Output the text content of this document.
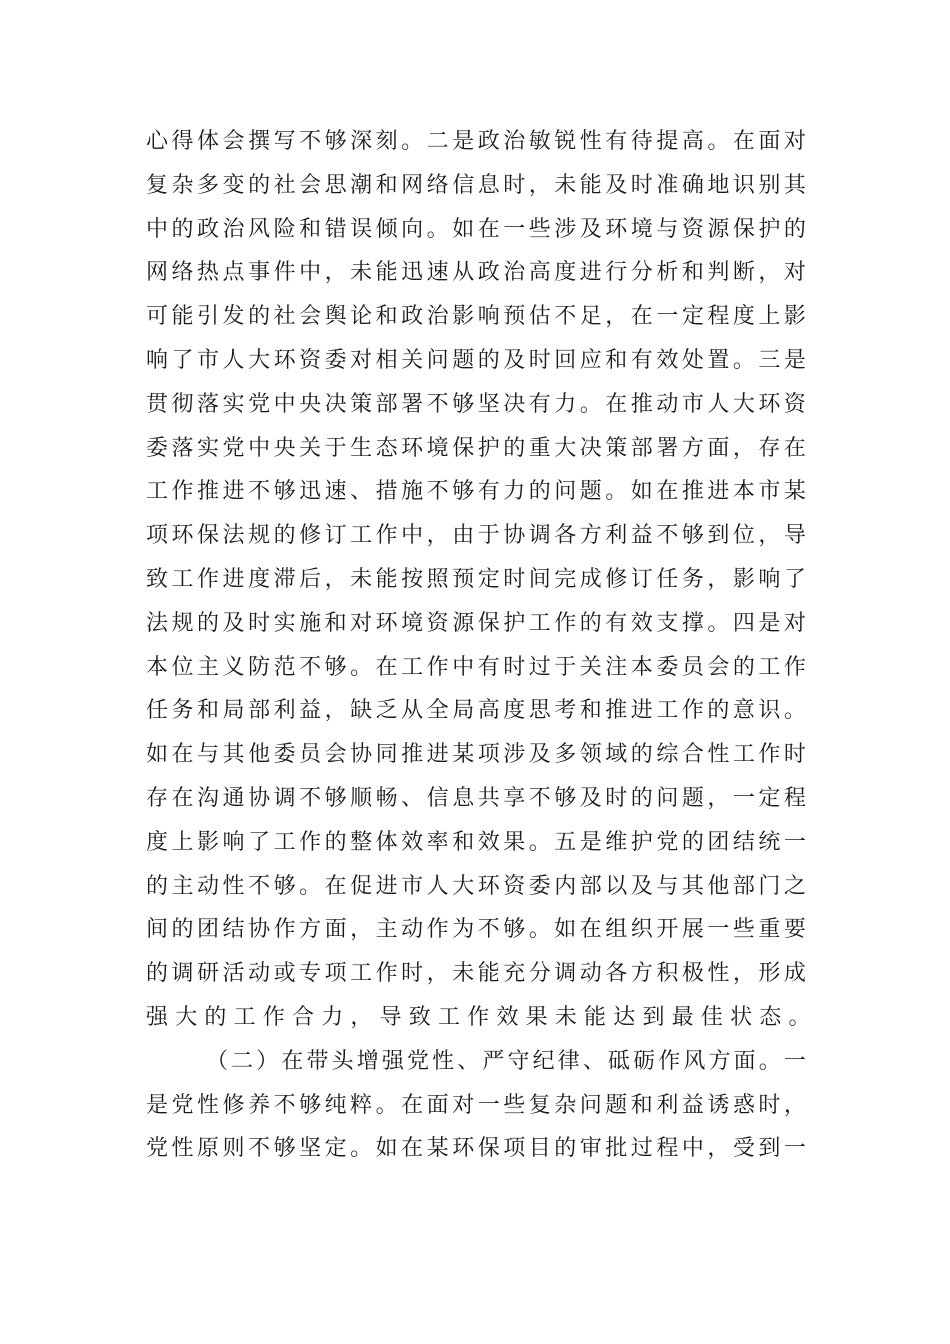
心 得 体 会 撰 写 不 够 深 刻 。 二 是 政 治 敏 锐 性 有 待 提 高 。 在 面 对
复 杂 多 变 的 社 会 思 潮 和 网 络 信 息 时 ， 未 能 及 时 准 确 地 识 别 其
中 的 政 治 风 险 和 错 误 倾 向 。 如 在 一 些 涉 及 环 境 与 资 源 保 护 的
网 络 热 点 事 件 中 ， 未 能 迅 速 从 政 治 高 度 进 行 分 析 和 判 断 ， 对
可 能 引 发 的 社 会 舆 论 和 政 治 影 响 预 估 不 足 ， 在 一 定 程 度 上 影
响 了 市 人 大 环 资 委 对 相 关 问 题 的 及 时 回 应 和 有 效 处 置 。 三 是
贯 彻 落 实 党 中 央 决 策 部 署 不 够 坚 决 有 力 。 在 推 动 市 人 大 环 资
委 落 实 党 中 央 关 于 生 态 环 境 保 护 的 重 大 决 策 部 署 方 面 ， 存 在
工 作 推 进 不 够 迅 速 、 措 施 不 够 有 力 的 问 题 。 如 在 推 进 本 市 某
项 环 保 法 规 的 修 订 工 作 中 ， 由 于 协 调 各 方 利 益 不 够 到 位 ， 导
致 工 作 进 度 滞 后 ， 未 能 按 照 预 定 时 间 完 成 修 订 任 务 ， 影 响 了
法 规 的 及 时 实 施 和 对 环 境 资 源 保 护 工 作 的 有 效 支 撑 。 四 是 对
本 位 主 义 防 范 不 够 。 在 工 作 中 有 时 过 于 关 注 本 委 员 会 的 工 作
任 务 和 局 部 利 益 ， 缺 乏 从 全 局 高 度 思 考 和 推 进 工 作 的 意 识 。
如 在 与 其 他 委 员 会 协 同 推 进 某 项 涉 及 多 领 域 的 综 合 性 工 作 时
存 在 沟 通 协 调 不 够 顺 畅 、 信 息 共 享 不 够 及 时 的 问 题 ， 一 定 程
度 上 影 响 了 工 作 的 整 体 效 率 和 效 果 。 五 是 维 护 党 的 团 结 统 一
的 主 动 性 不 够 。 在 促 进 市 人 大 环 资 委 内 部 以 及 与 其 他 部 门 之
间 的 团 结 协 作 方 面 ， 主 动 作 为 不 够 。 如 在 组 织 开 展 一 些 重 要
的 调 研 活 动 或 专 项 工 作 时 ， 未 能 充 分 调 动 各 方 积 极 性 ， 形 成
强 大 的 工 作 合 力 ， 导 致 工 作 效 果 未 能 达 到 最 佳 状 态 。
（ 二 ） 在 带 头 增 强 党 性 、 严 守 纪 律 、 砥 砺 作 风 方 面 。 一
是 党 性 修 养 不 够 纯 粹 。 在 面 对 一 些 复 杂 问 题 和 利 益 诱 惑 时 ，
党 性 原 则 不 够 坚 定 。 如 在 某 环 保 项 目 的 审 批 过 程 中 ， 受 到 一
